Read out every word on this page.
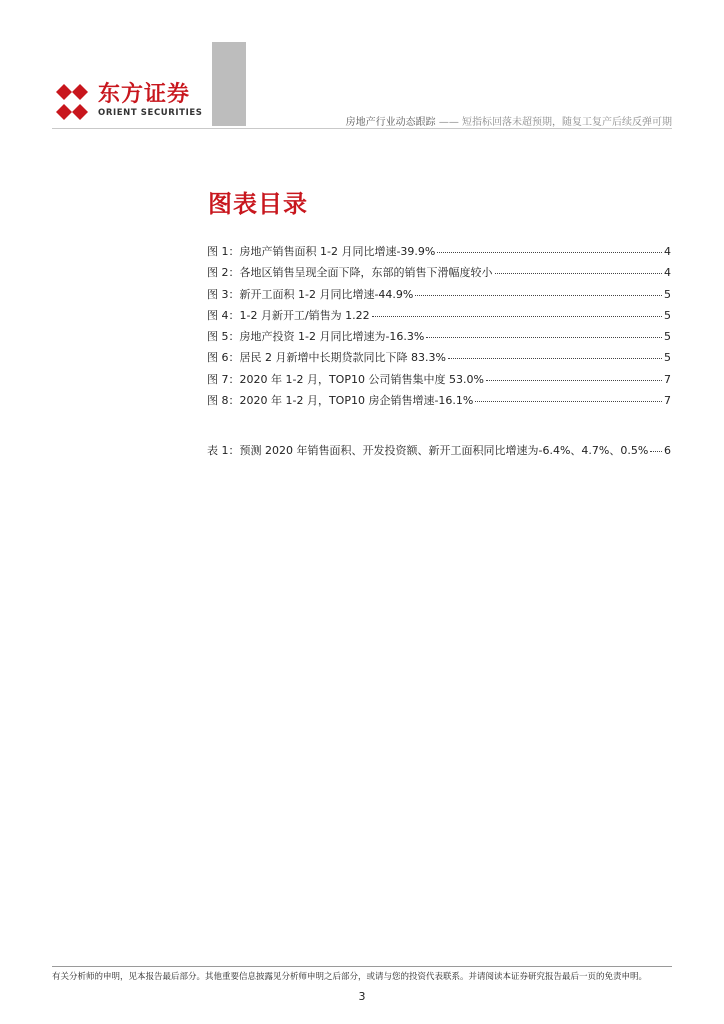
东方证券
ORIENT SECURITIES
房地产行业动态跟踪 —— 短指标回落未超预期，随复工复产后续反弹可期
图表目录
图 1：房地产销售面积 1-2 月同比增速-39.9%	4
图 2：各地区销售呈现全面下降，东部的销售下滑幅度较小	4
图 3：新开工面积 1-2 月同比增速-44.9%	5
图 4：1-2 月新开工/销售为 1.22	5
图 5：房地产投资 1-2 月同比增速为-16.3%	5
图 6：居民 2 月新增中长期贷款同比下降 83.3%	5
图 7：2020 年 1-2 月，TOP10 公司销售集中度 53.0%	7
图 8：2020 年 1-2 月，TOP10 房企销售增速-16.1%	7
表 1：预测 2020 年销售面积、开发投资额、新开工面积同比增速为-6.4%、4.7%、0.5% 6
有关分析师的申明，见本报告最后部分。其他重要信息披露见分析师申明之后部分，或请与您的投资代表联系。并请阅读本证券研究报告最后一页的免责申明。
3
